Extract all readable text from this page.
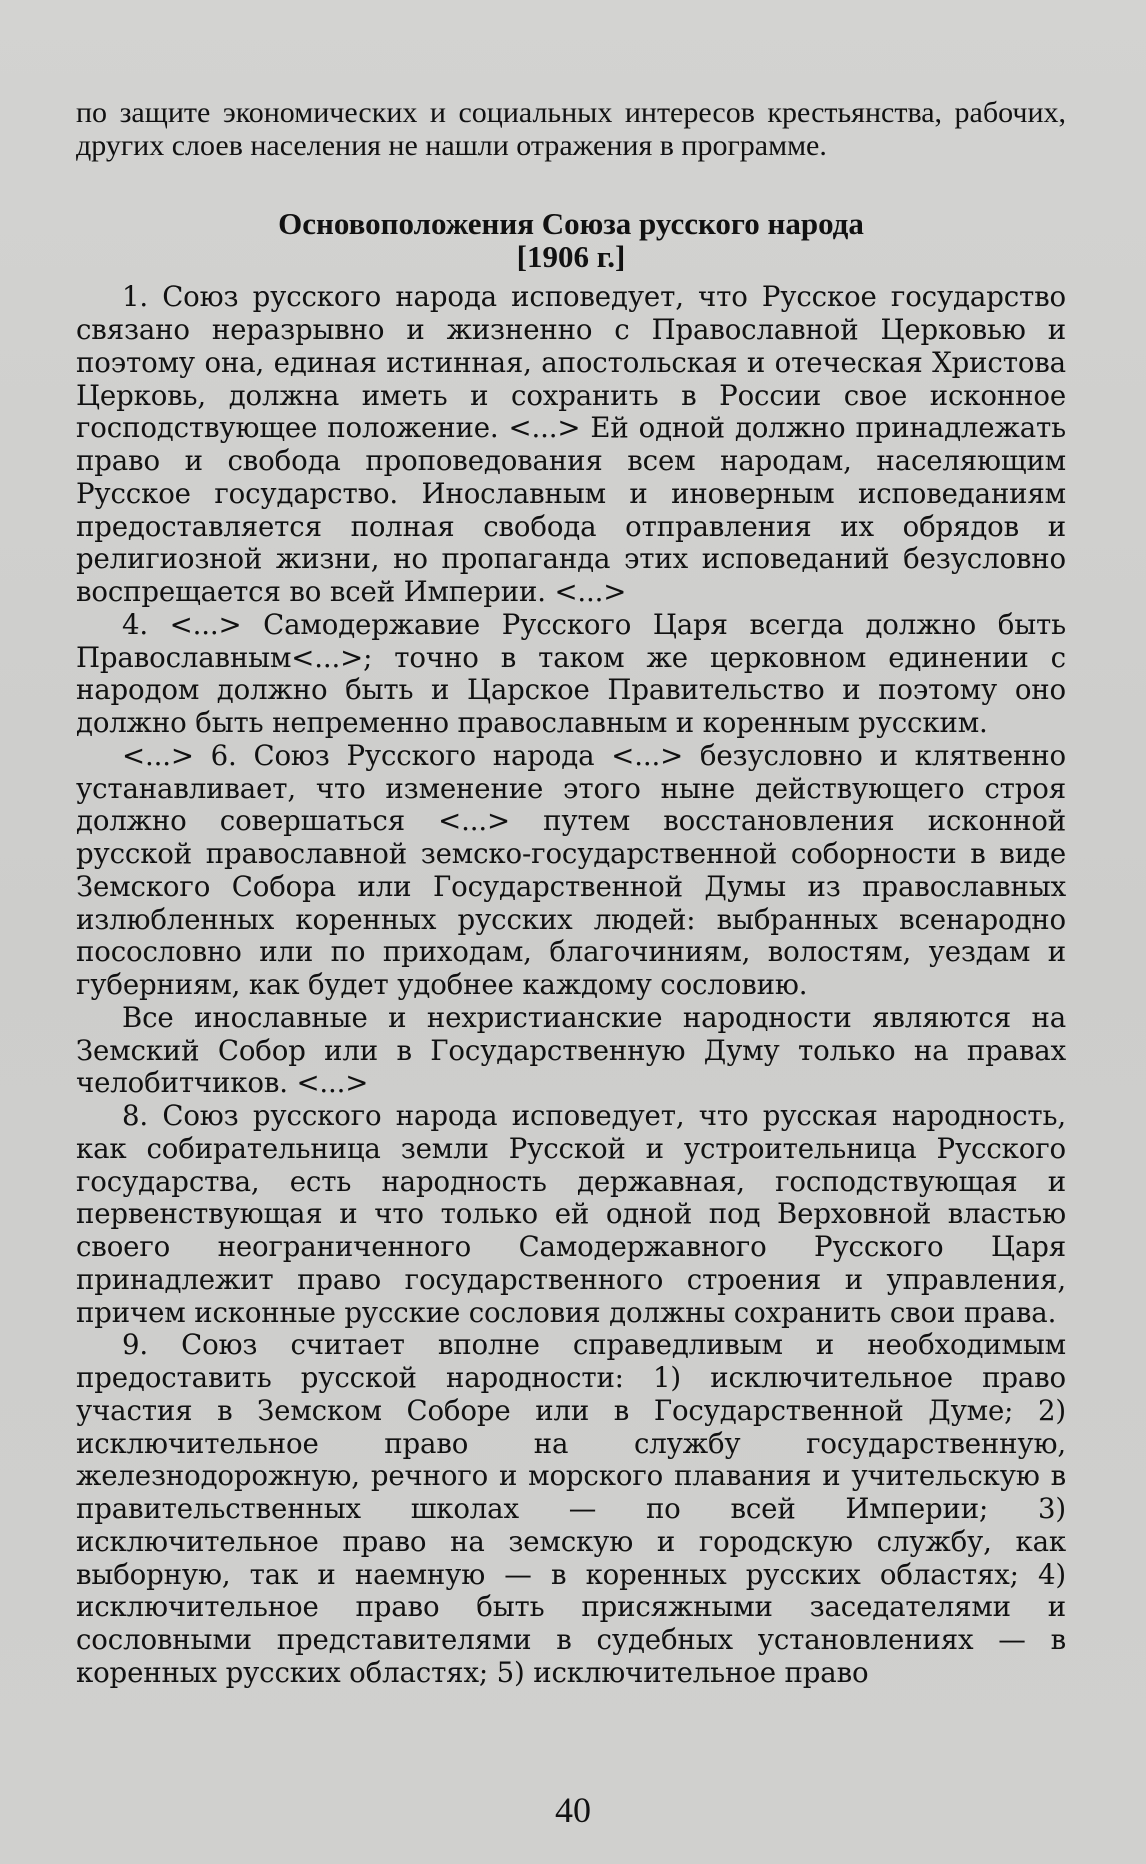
по защите экономических и социальных интересов крестьянства, рабочих, других слоев населения не нашли отражения в программе.

Основоположения Союза русского народа

[1906 г.]

1. Союз русского народа исповедует, что Русское государство связано неразрывно и жизненно с Православной Церковью и поэтому она, единая истинная, апостольская и отеческая Христова Церковь, должна иметь и сохранить в России свое исконное господствующее положение. <...> Ей одной должно принадлежать право и свобода проповедования всем народам, населяющим Русское государство. Инославным и иноверным исповеданиям предоставляется полная свобода отправления их обрядов и религиозной жизни, но пропаганда этих исповеданий безусловно воспрещается во всей Империи. <...>

4. <...> Самодержавие Русского Царя всегда должно быть Православным<...>; точно в таком же церковном единении с народом должно быть и Царское Правительство и поэтому оно должно быть непременно православным и коренным русским.

<...> 6. Союз Русского народа <...> безусловно и клятвенно устанавливает, что изменение этого ныне действующего строя должно совершаться <...> путем восстановления исконной русской православной земско-государственной соборности в виде Земского Собора или Государственной Думы из православных излюбленных коренных русских людей: выбранных всенародно посословно или по приходам, благочиниям, волостям, уездам и губерниям, как будет удобнее каждому сословию.

Все инославные и нехристианские народности являются на Земский Собор или в Государственную Думу только на правах челобитчиков. <...>

8. Союз русского народа исповедует, что русская народность, как собирательница земли Русской и устроительница Русского государства, есть народность державная, господствующая и первенствующая и что только ей одной под Верховной властью своего неограниченного Самодержавного Русского Царя принадлежит право государственного строения и управления, причем исконные русские сословия должны сохранить свои права.

9. Союз считает вполне справедливым и необходимым предоставить русской народности: 1) исключительное право участия в Земском Соборе или в Государственной Думе; 2) исключительное право на службу государственную, железнодорожную, речного и морского плавания и учительскую в правительственных школах — по всей Империи; 3) исключительное право на земскую и городскую службу, как выборную, так и наемную — в коренных русских областях; 4) исключительное право быть присяжными заседателями и сословными представителями в судебных установлениях — в коренных русских областях; 5) исключительное право

40
